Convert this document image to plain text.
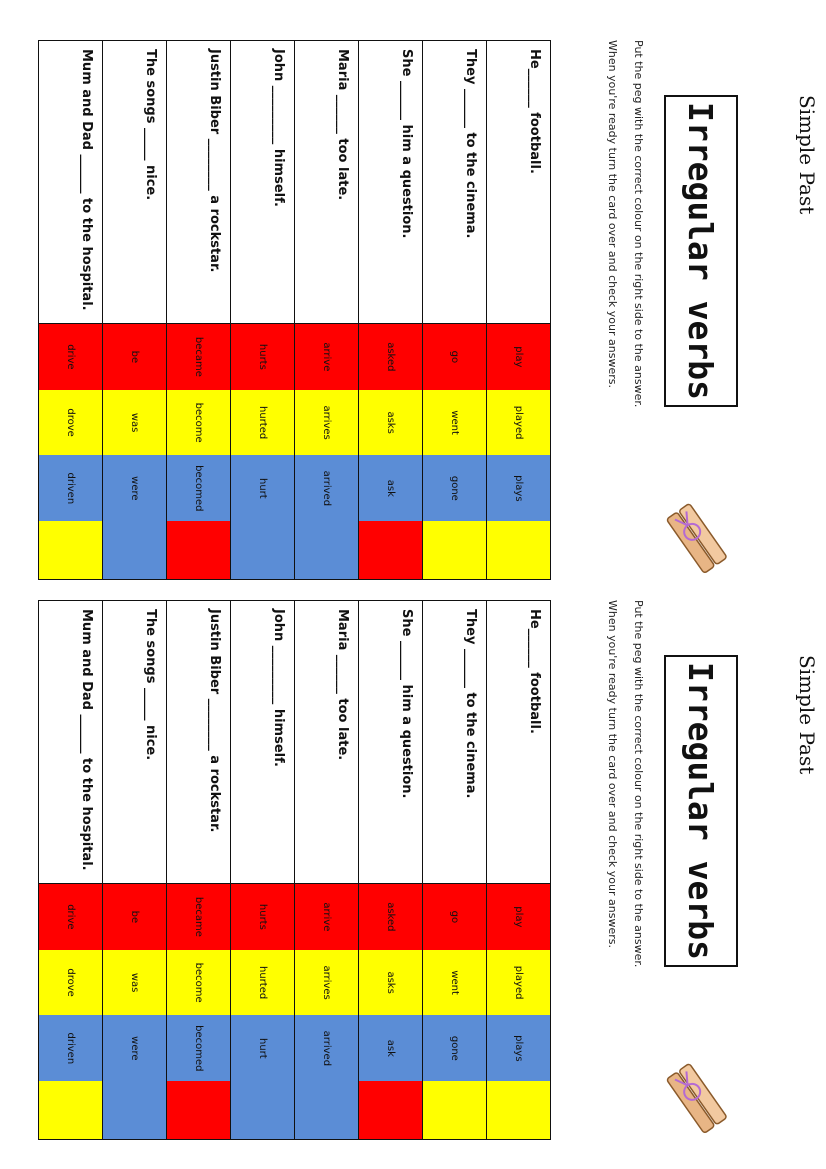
Simple Past
Irregular verbs
Put the peg with the correct colour on the right side to the answer.
When you're ready turn the card over and check your answers.
He______ football.
play
played
plays
They ______ to the cinema.
go
went
gone
She ______ him a question.
asked
asks
ask
Maria ______ too late.
arrive
arrives
arrived
John _________ himself.
hurts
hurted
hurt
Justin Biber ________ a rockstar.
became
become
becomed
The songs _____ nice.
be
was
were
Mum and Dad ______ to the hospital.
drive
drove
driven
Simple Past
Irregular verbs
Put the peg with the correct colour on the right side to the answer.
When you're ready turn the card over and check your answers.
He______ football.
play
played
plays
They ______ to the cinema.
go
went
gone
She ______ him a question.
asked
asks
ask
Maria ______ too late.
arrive
arrives
arrived
John _________ himself.
hurts
hurted
hurt
Justin Biber ________ a rockstar.
became
become
becomed
The songs _____ nice.
be
was
were
Mum and Dad ______ to the hospital.
drive
drove
driven
